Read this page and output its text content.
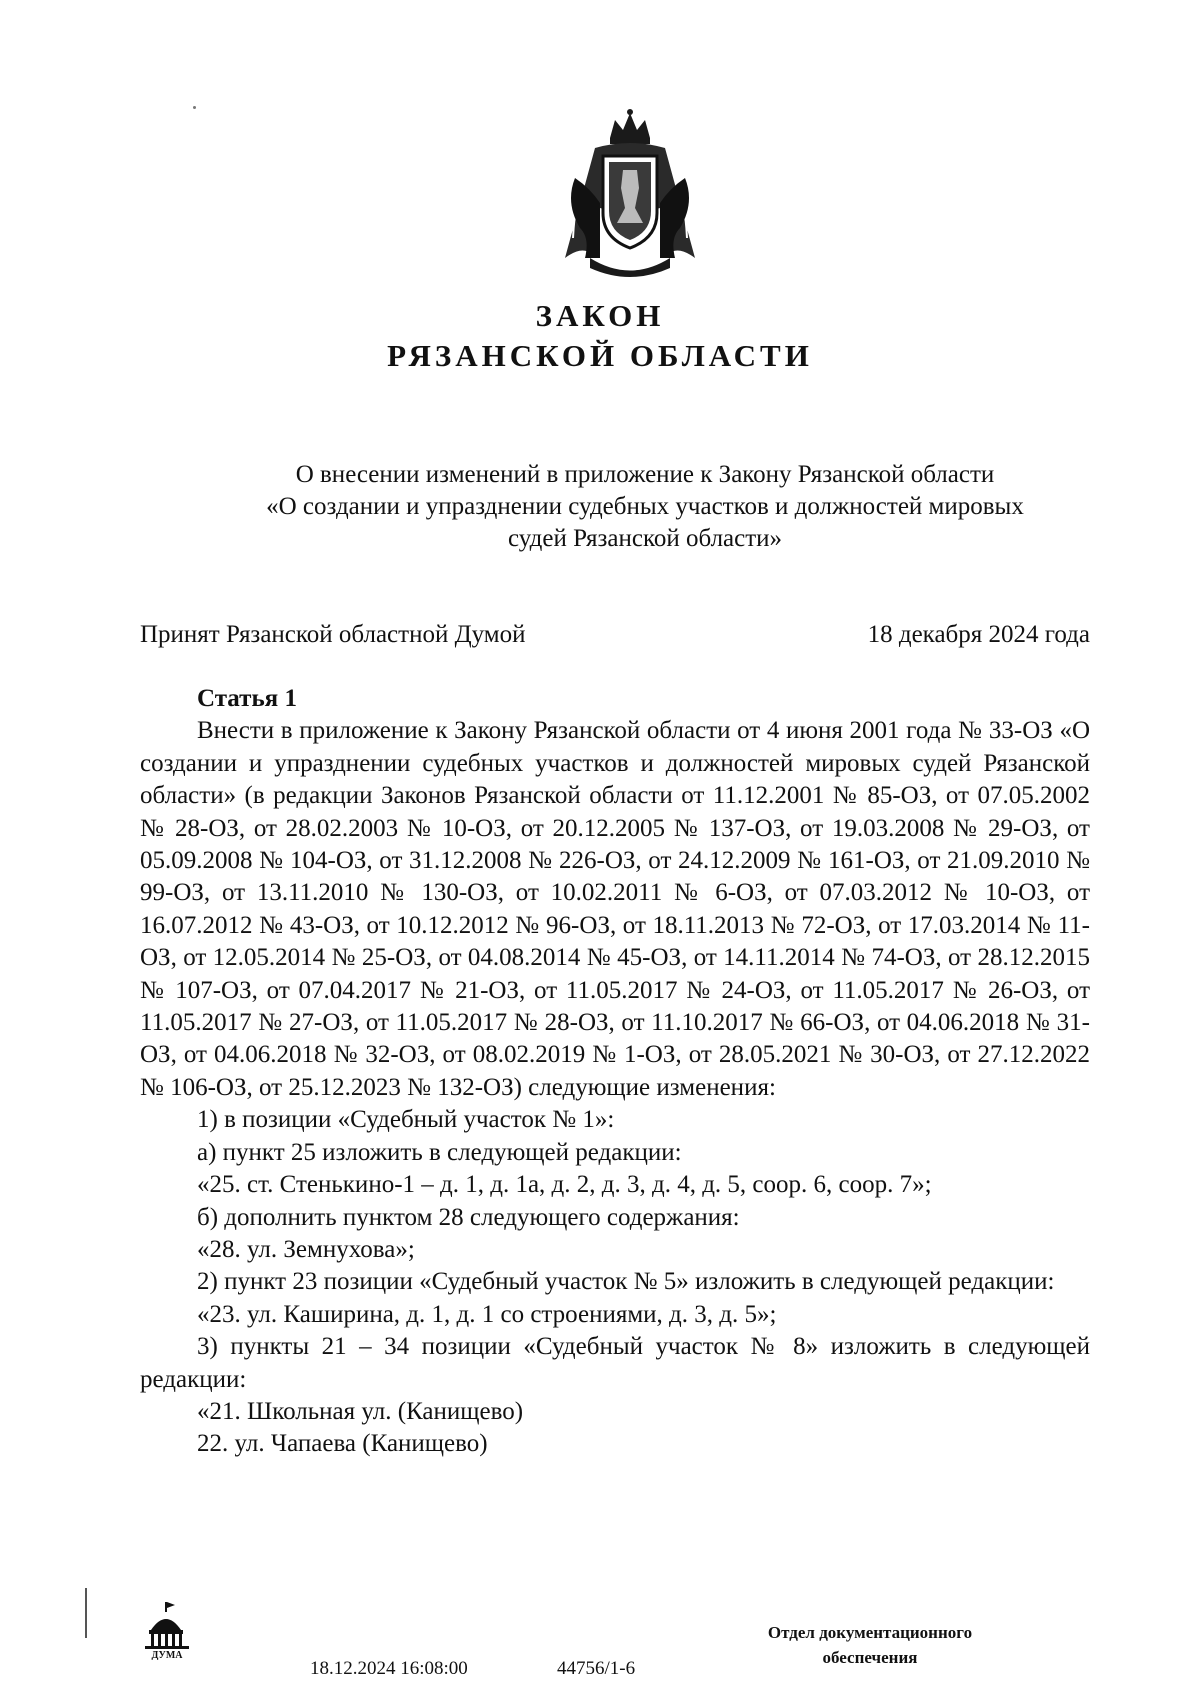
ЗАКОН
РЯЗАНСКОЙ ОБЛАСТИ
О внесении изменений в приложение к Закону Рязанской области
«О создании и упразднении судебных участков и должностей мировых
судей Рязанской области»
Принят Рязанской областной Думой	18 декабря 2024 года
Статья 1

Внести в приложение к Закону Рязанской области от 4 июня 2001 года № 33-ОЗ «О создании и упразднении судебных участков и должностей мировых судей Рязанской области» (в редакции Законов Рязанской области от 11.12.2001 № 85-ОЗ, от 07.05.2002 № 28-ОЗ, от 28.02.2003 № 10-ОЗ, от 20.12.2005 № 137-ОЗ, от 19.03.2008 № 29-ОЗ, от 05.09.2008 № 104-ОЗ, от 31.12.2008 № 226-ОЗ, от 24.12.2009 № 161-ОЗ, от 21.09.2010 № 99-ОЗ, от 13.11.2010 № 130-ОЗ, от 10.02.2011 № 6-ОЗ, от 07.03.2012 № 10-ОЗ, от 16.07.2012 № 43-ОЗ, от 10.12.2012 № 96-ОЗ, от 18.11.2013 № 72-ОЗ, от 17.03.2014 № 11-ОЗ, от 12.05.2014 № 25-ОЗ, от 04.08.2014 № 45-ОЗ, от 14.11.2014 № 74-ОЗ, от 28.12.2015 № 107-ОЗ, от 07.04.2017 № 21-ОЗ, от 11.05.2017 № 24-ОЗ, от 11.05.2017 № 26-ОЗ, от 11.05.2017 № 27-ОЗ, от 11.05.2017 № 28-ОЗ, от 11.10.2017 № 66-ОЗ, от 04.06.2018 № 31-ОЗ, от 04.06.2018 № 32-ОЗ, от 08.02.2019 № 1-ОЗ, от 28.05.2021 № 30-ОЗ, от 27.12.2022 № 106-ОЗ, от 25.12.2023 № 132-ОЗ) следующие изменения:

1) в позиции «Судебный участок № 1»:

а) пункт 25 изложить в следующей редакции:

«25. ст. Стенькино-1 – д. 1, д. 1а, д. 2, д. 3, д. 4, д. 5, соор. 6, соор. 7»;

б) дополнить пунктом 28 следующего содержания:

«28. ул. Земнухова»;

2) пункт 23 позиции «Судебный участок № 5» изложить в следующей редакции:

«23. ул. Каширина, д. 1, д. 1 со строениями, д. 3, д. 5»;

3) пункты 21 – 34 позиции «Судебный участок № 8» изложить в следующей редакции:

«21. Школьная ул. (Канищево)

22. ул. Чапаева (Канищево)

ДУМА
18.12.2024 16:08:00	44756/1-6
Отдел документационного
обеспечения
